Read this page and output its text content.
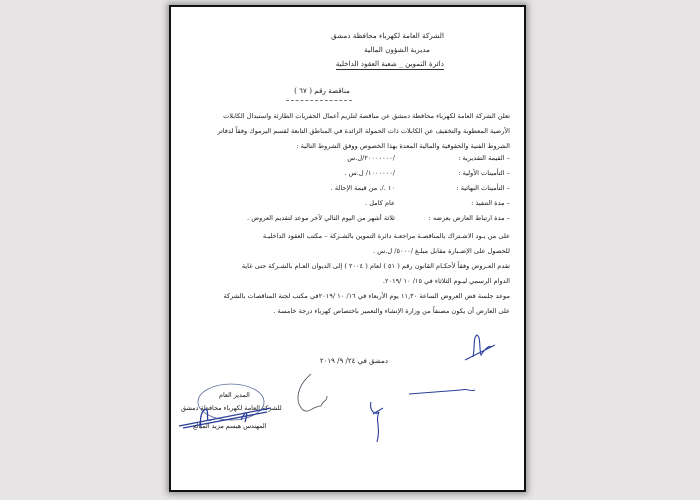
الشركة العامة لكهرباء محافظة دمشق
مديرية الشؤون المالية
دائرة التموين _ شعبة العقود الداخلية
مناقصة رقم ( ٦٧ )
تعلن الشركة العامة لكهرباء محافظة دمشق عن مناقصة لتلزيم أعمال الحفريات الطارئة واستبدال الكابلات
الأرضية المعطوبة والتخفيف عن الكابلات ذات الحمولة الزائدة في المناطق التابعة لقسم اليرموك وفقاً لدفاتر
الشروط الفنية والحقوقية والمالية المعدة بهذا الخصوص ووفق الشروط التالية :
– القيمة التقديرية :
/٢٠٠٠٠٠٠٠/ل.س
– التأمينات الأولية :
/١٠٠٠٠٠٠/ ل.س .
– التأمينات النهائية :
١٠ ./. من قيمة الإحالة .
– مدة التنفيذ :
عام كامل .
– مدة ارتباط العارض بعرضه :
ثلاثة أشهر من اليوم التالي لآخر موعد لتقديم العروض .
على من يـود الاشـتراك بالمناقصـة مراجعـة دائرة التموين بالشـركة – مكتب العقود الداخليـة
للحصول على الإضـبارة مقابل مبلـغ /٥٠٠٠/ ل.س .
تقدم العـروض وفقاً لأحكـام القانون رقم ( ٥١ ) لعام ( ٢٠٠٤ ) إلى الديوان العـام بالشـركة حتى غاية
الدوام الرسمي ليـوم الثلاثاء في ١٥/ ١٠ /٢٠١٩.
موعد جلسة فض العروض الساعة ١١,٣٠ يوم الأربعاء في ١٦/ ١٠ /٢٠١٩في مكتب لجنة المناقصات بالشركة
على العارض أن يكون مصنفاً من وزارة الإنشاء والتعمير باختصاص كهرباء درجة خامسة .
دمشق في ٢٤/ ٩/ ٢٠١٩
المدير العام
للشركة العامة لكهرباء محافظة دمشق
المهندس هيسم مزيد الميالع
